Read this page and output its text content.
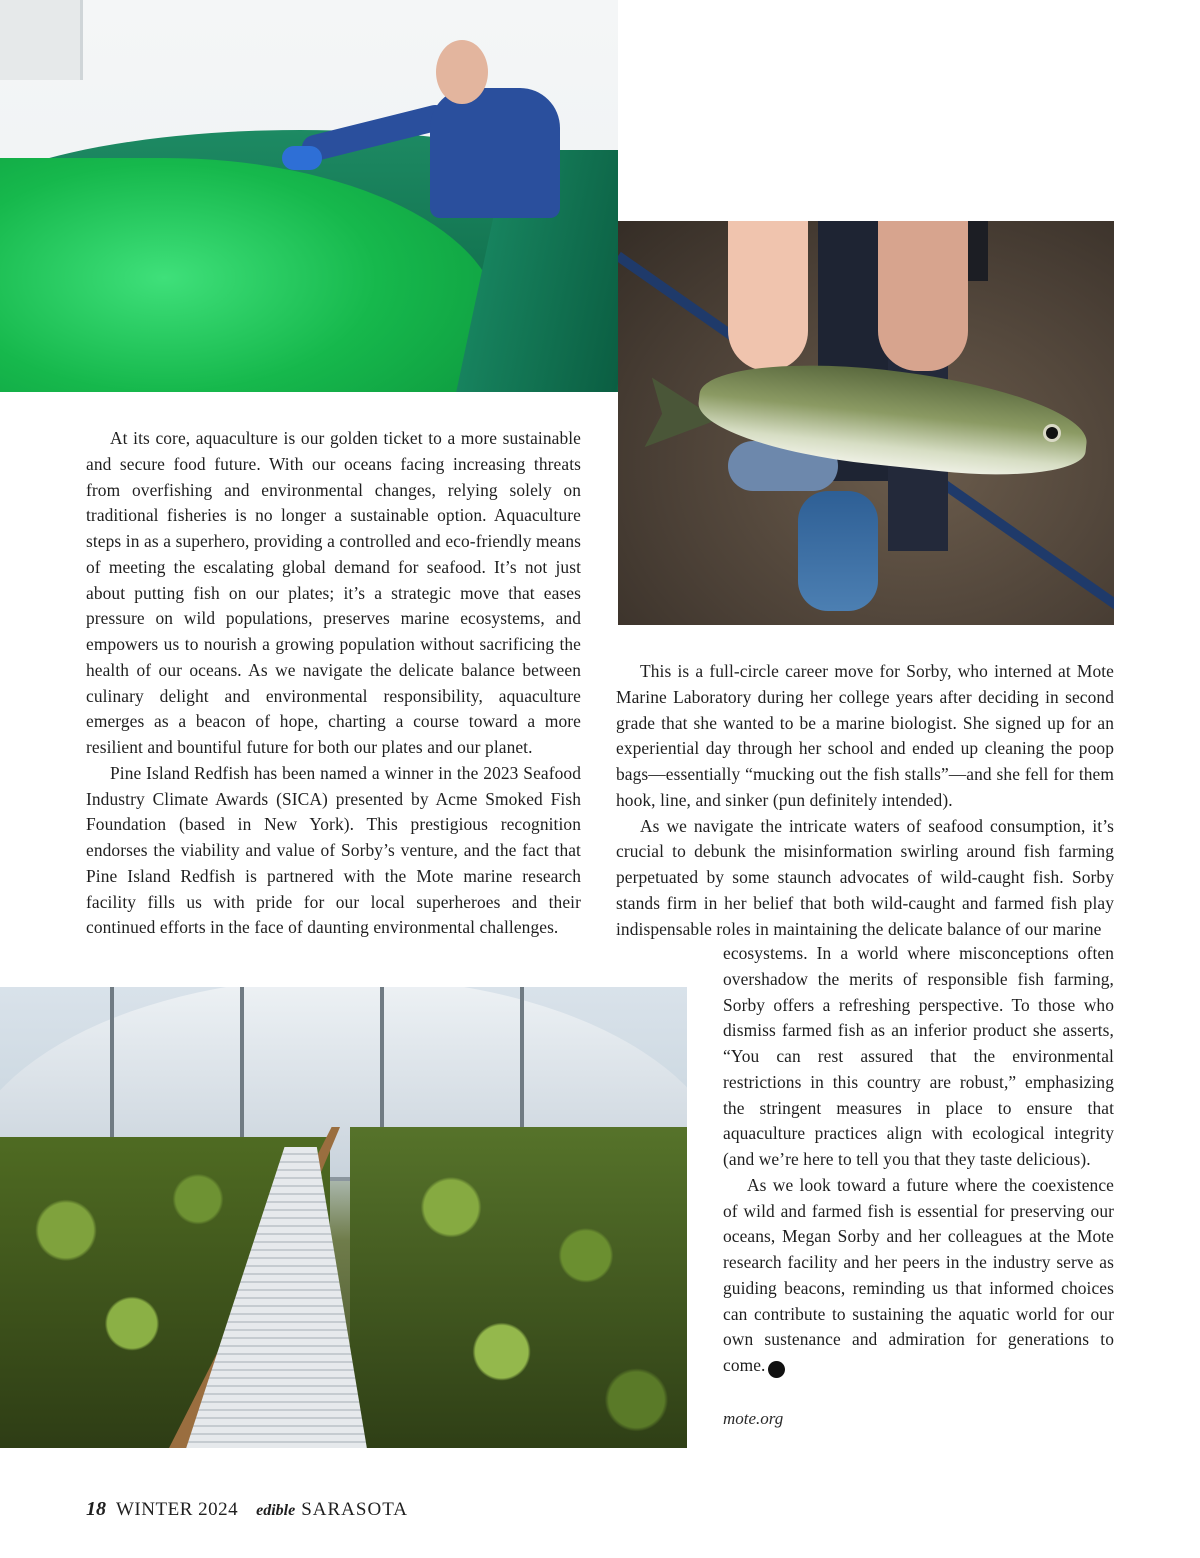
At its core, aquaculture is our golden ticket to a more sustainable and secure food future. With our oceans facing increasing threats from overfishing and environmental changes, relying solely on traditional fisheries is no longer a sustainable option. Aquaculture steps in as a superhero, providing a controlled and eco-friendly means of meeting the escalating global demand for seafood. It’s not just about putting fish on our plates; it’s a strategic move that eases pressure on wild populations, preserves marine ecosystems, and empowers us to nourish a growing population without sacrificing the health of our oceans. As we navigate the delicate balance between culinary delight and environmental responsibility, aquaculture emerges as a beacon of hope, charting a course toward a more resilient and bountiful future for both our plates and our planet.

Pine Island Redfish has been named a winner in the 2023 Seafood Industry Climate Awards (SICA) presented by Acme Smoked Fish Foundation (based in New York). This prestigious recognition endorses the viability and value of Sorby’s venture, and the fact that Pine Island Redfish is partnered with the Mote marine research facility fills us with pride for our local superheroes and their continued efforts in the face of daunting environmental challenges.

This is a full-circle career move for Sorby, who interned at Mote Marine Laboratory during her college years after deciding in second grade that she wanted to be a marine biologist. She signed up for an experiential day through her school and ended up cleaning the poop bags—essentially “mucking out the fish stalls”—and she fell for them hook, line, and sinker (pun definitely intended).

As we navigate the intricate waters of seafood consumption, it’s crucial to debunk the misinformation swirling around fish farming perpetuated by some staunch advocates of wild-caught fish. Sorby stands firm in her belief that both wild-caught and farmed fish play indispensable roles in maintaining the delicate balance of our marine

ecosystems. In a world where misconceptions often overshadow the merits of responsible fish farming, Sorby offers a refreshing perspective. To those who dismiss farmed fish as an inferior product she asserts, “You can rest assured that the environmental restrictions in this country are robust,” emphasizing the stringent measures in place to ensure that aquaculture practices align with ecological integrity (and we’re here to tell you that they taste delicious).

As we look toward a future where the coexistence of wild and farmed fish is essential for preserving our oceans, Megan Sorby and her colleagues at the Mote research facility and her peers in the industry serve as guiding beacons, reminding us that informed choices can contribute to sustaining the aquatic world for our own sustenance and admiration for generations to come. e

mote.org
18 WINTER 2024 edible SARASOTA
